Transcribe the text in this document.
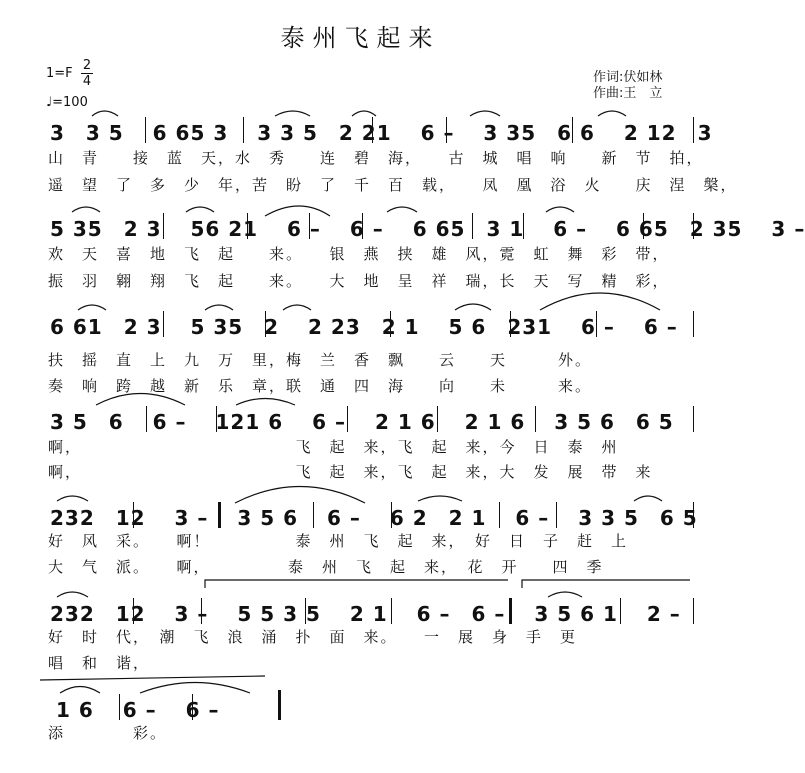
泰州飞起来
1=F
2
4
♩=100
作词:伏如林
作曲:王　立
3　3 5　 6 65 3　 3 3 5　2 21　 6 –　 3 35　6 6　 2 12　3
山　青　　接　蓝　天，水　秀　　连　碧　海，　　古　城　唱　响　　新　节　拍，
遥　望　了　多　少　年，苦　盼　了　千　百　载，　　凤　凰　浴　火　　庆　涅　槃，
5 35　2 3　 56 21　 6 –　 6 –　 6 65　3 1　 6 –　 6 65　2 35　 3 –
欢　天　喜　地　飞　起　　来。　　银　燕　挟　雄　风，霓　虹　舞　彩　带，
振　羽　翱　翔　飞　起　　来。　　大　地　呈　祥　瑞，长　天　写　精　彩，
6 61　2 3　 5 35　2　 2 23　2 1　 5 6　231　 6 –　 6 –
扶　摇　直　上　九　万　里，梅　兰　香　飘　　云　　天　　　外。
奏　响　跨　越　新　乐　章，联　通　四　海　　向　　未　　　来。
3 5　6　 6 –　 121 6　 6 –　 2 1 6　 2 1 6　 3 5 6　6 5
啊，　　　　　　　　　　　　　飞　起　来，飞　起　来，今　日　泰　州
啊，　　　　　　　　　　　　　飞　起　来，飞　起　来，大　发　展　带　来
232　12　 3 –　 3 5 6　 6 –　 6 2　2 1　 6 –　 3 3 5　6 5
好　风　采。　　啊！　　　　　泰　州　飞　起　来，　好　日　子　赶　上
大　气　派。　　啊，　　　　　泰　州　飞　起　来，　花　开　　四　季
232　12　 3 –　 5 5 3 5　 2 1　 6 –　6 –　 3 5 6 1　 2 –
好　时　代，　潮　飞　浪　涌　扑　面　来。　　一　展　身　手　更
唱　和　谐，
1 6　 6 –　 6 –
添　　　　彩。
